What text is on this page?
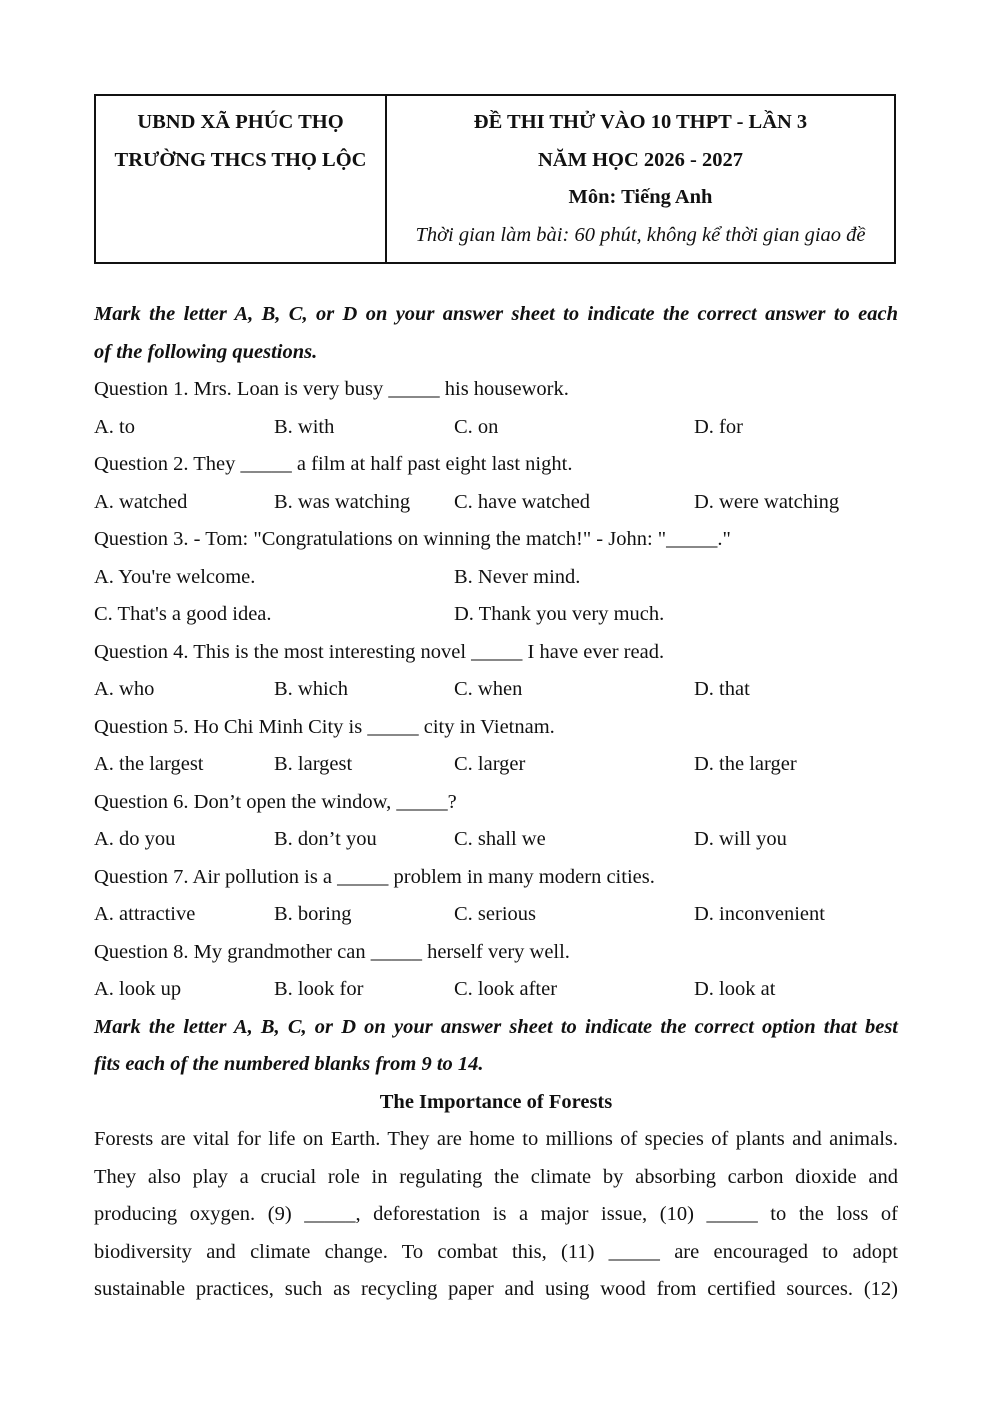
UBND XÃ PHÚC THỌ
TRƯỜNG THCS THỌ LỘC
ĐỀ THI THỬ VÀO 10 THPT - LẦN 3
NĂM HỌC 2026 - 2027
Môn: Tiếng Anh
Thời gian làm bài: 60 phút, không kể thời gian giao đề
Mark the letter A, B, C, or D on your answer sheet to indicate the correct answer to each
of the following questions.
Question 1. Mrs. Loan is very busy _____ his housework.
A. to	B. with	C. on	D. for
Question 2. They _____ a film at half past eight last night.
A. watched	B. was watching C. have watched	D. were watching
Question 3. - Tom: "Congratulations on winning the match!" - John: "_____."
A. You're welcome.	B. Never mind.
C. That's a good idea.	D. Thank you very much.
Question 4. This is the most interesting novel _____ I have ever read.
A. who	B. which	C. when	D. that
Question 5. Ho Chi Minh City is _____ city in Vietnam.
A. the largest	B. largest	C. larger	D. the larger
Question 6. Don’t open the window, _____?
A. do you	B. don’t you	C. shall we	D. will you
Question 7. Air pollution is a _____ problem in many modern cities.
A. attractive	B. boring	C. serious	D. inconvenient
Question 8. My grandmother can _____ herself very well.
A. look up	B. look for	C. look after	D. look at
Mark the letter A, B, C, or D on your answer sheet to indicate the correct option that best
fits each of the numbered blanks from 9 to 14.
The Importance of Forests
Forests are vital for life on Earth. They are home to millions of species of plants and animals.
They also play a crucial role in regulating the climate by absorbing carbon dioxide and
producing oxygen. (9) _____, deforestation is a major issue, (10) _____ to the loss of
biodiversity and climate change. To combat this, (11) _____ are encouraged to adopt
sustainable practices, such as recycling paper and using wood from certified sources. (12)
